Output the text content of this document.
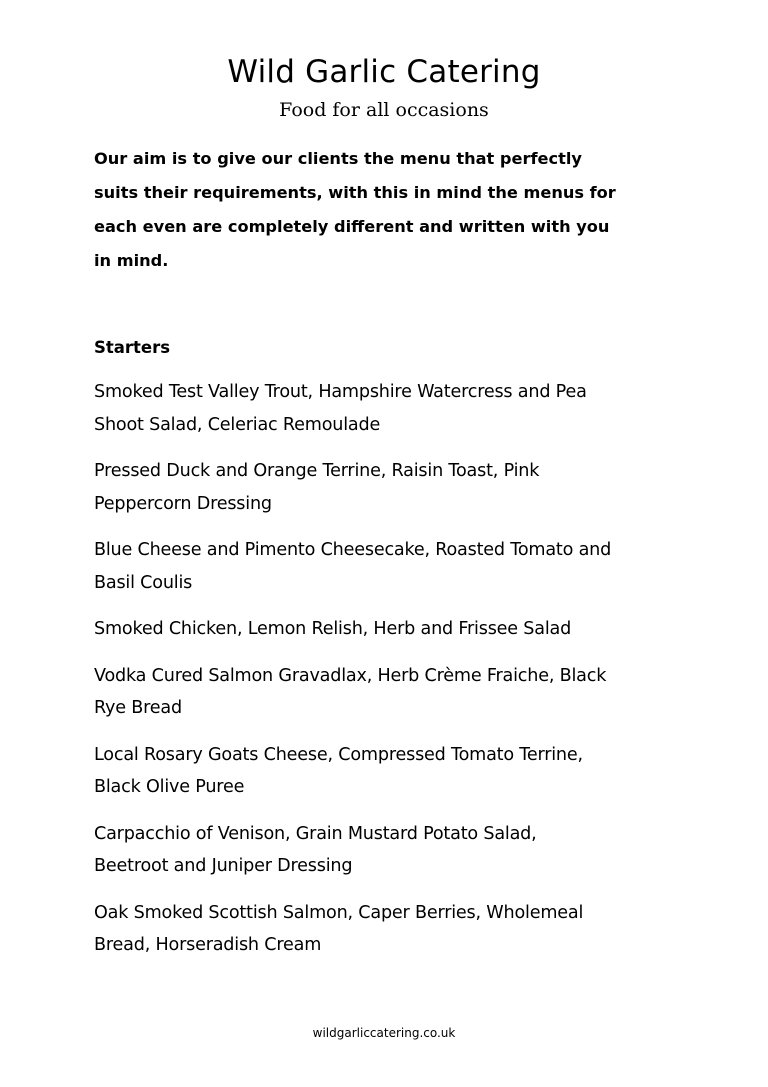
Wild Garlic Catering
Food for all occasions
Our aim is to give our clients the menu that perfectly
suits their requirements, with this in mind the menus for
each even are completely different and written with you
in mind.
Starters
Smoked Test Valley Trout, Hampshire Watercress and Pea
Shoot Salad, Celeriac Remoulade
Pressed Duck and Orange Terrine, Raisin Toast, Pink
Peppercorn Dressing
Blue Cheese and Pimento Cheesecake, Roasted Tomato and
Basil Coulis
Smoked Chicken, Lemon Relish, Herb and Frissee Salad
Vodka Cured Salmon Gravadlax, Herb Crème Fraiche, Black
Rye Bread
Local Rosary Goats Cheese, Compressed Tomato Terrine,
Black Olive Puree
Carpacchio of Venison, Grain Mustard Potato Salad,
Beetroot and Juniper Dressing
Oak Smoked Scottish Salmon, Caper Berries, Wholemeal
Bread, Horseradish Cream
wildgarliccatering.co.uk
